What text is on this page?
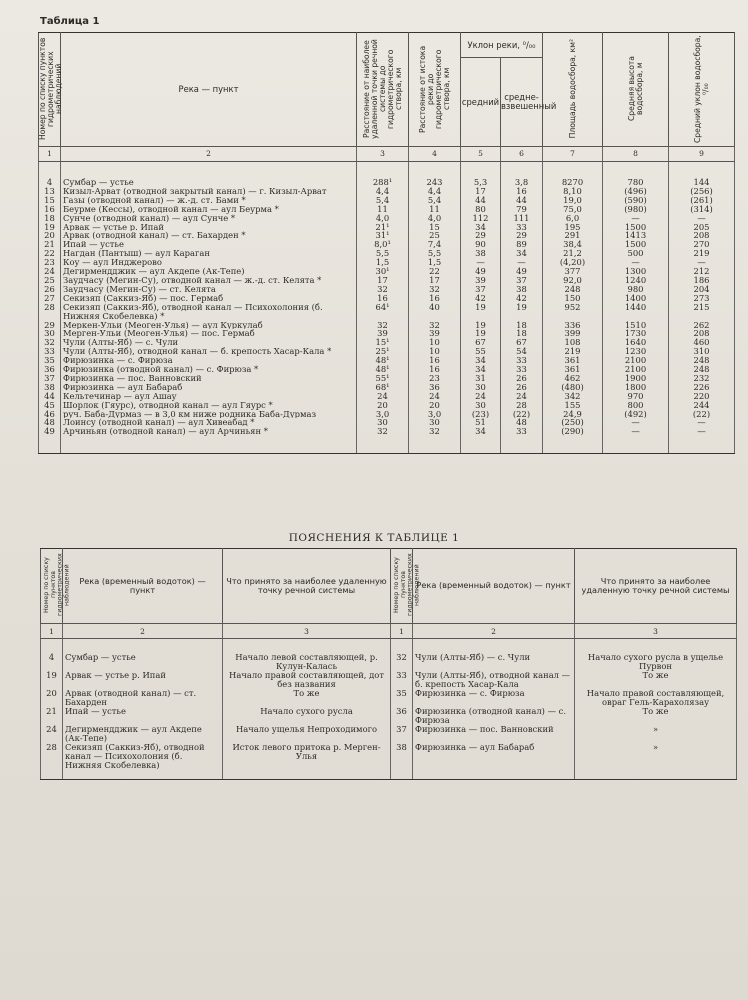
Таблица 1
Номер по списку пунктов гидрометрических наблюдений	Река — пункт	Расстояние от наиболее удаленной точки речной системы до гидрометрического створа, км	Расстояние от истока реки до гидрометрического створа, км	Уклон реки, ⁰/₀₀		Площадь водосбора, км²	Средняя высота водосбора, м	Средний уклон водосбора, ⁰/₀₀
				средний	средне-взвешенный			
1	2	3	4	5	6	7	8	9

4	Сумбар — устье	288¹	243	5,3	3,8	8270	780	144
13	Кизыл-Арват (отводной закрытый канал) — г. Кизыл-Арват	4,4	4,4	17	16	8,10	(496)	(256)
15	Газы (отводной канал) — ж.-д. ст. Бами *	5,4	5,4	44	44	19,0	(590)	(261)
16	Беурме (Кессы), отводной канал — аул Беурма *	11	11	80	79	75,0	(980)	(314)
18	Сунче (отводной канал) — аул Сунче *	4,0	4,0	112	111	6,0	—	—
19	Арвак — устье р. Ипай	21¹	15	34	33	195	1500	205
20	Арвак (отводной канал) — ст. Бахарден *	31¹	25	29	29	291	1413	208
21	Ипай — устье	8,0¹	7,4	90	89	38,4	1500	270
22	Нагдан (Пантыш) — аул Караган	5,5	5,5	38	34	21,2	500	219
23	Коу — аул Инджерово	1,5	1,5	—	—	(4,20)	—	—
24	Дегирмендджик — аул Акдепе (Ак-Тепе)	30¹	22	49	49	377	1300	212
25	Заудчасу (Мегин-Су), отводной канал — ж.-д. ст. Келята *	17	17	39	37	92,0	1240	186
26	Заудчасу (Мегин-Су) — ст. Келята	32	32	37	38	248	980	204
27	Секизяп (Саккиз-Яб) — пос. Гермаб	16	16	42	42	150	1400	273
28	Секизяп (Саккиз-Яб), отводной канал — Психохолония (б. Нижняя Скобелевка) *	64¹	40	19	19	952	1440	215
29	Меркен-Ульи (Меоген-Улья) — аул Куркулаб	32	32	19	18	336	1510	262
30	Мерген-Ульи (Меоген-Улья) — пос. Гермаб	39	39	19	18	399	1730	208
32	Чули (Алты-Яб) — с. Чули	15¹	10	67	67	108	1640	460
33	Чули (Алты-Яб), отводной канал — б. крепость Хасар-Кала *	25¹	10	55	54	219	1230	310
35	Фирюзинка — с. Фирюза	48¹	16	34	33	361	2100	248
36	Фирюзинка (отводной канал) — с. Фирюза *	48¹	16	34	33	361	2100	248
37	Фирюзинка — пос. Ванновский	55¹	23	31	26	462	1900	232
38	Фирюзинка — аул Бабараб	68¹	36	30	26	(480)	1800	226
44	Кельтечинар — аул Ашау	24	24	24	24	342	970	220
45	Шорлок (Гяурс), отводной канал — аул Гяурс *	20	20	30	28	155	800	244
46	руч. Баба-Дурмаз — в 3,0 км ниже родника Баба-Дурмаз	3,0	3,0	(23)	(22)	24,9	(492)	(22)
48	Лоинсу (отводной канал) — аул Хивеабад *	30	30	51	48	(250)	—	—
49	Арчиньян (отводной канал) — аул Арчиньян *	32	32	34	33	(290)	—	—
ПОЯСНЕНИЯ К ТАБЛИЦЕ 1
Номер по списку пунктов гидрометрических наблюдений	Река (временный водоток) — пункт	Что принято за наиболее удаленную точку речной системы	Номер по списку пунктов гидрометрических наблюдений	Река (временный водоток) — пункт	Что принято за наиболее удаленную точку речной системы
1	2	3	1	2	3

4	Сумбар — устье	Начало левой составляющей, р. Кулун-Калась	32	Чули (Алты-Яб) — с. Чули	Начало сухого русла в ущелье Пурвон
19	Арвак — устье р. Ипай	Начало правой составляющей, дот без названия	33	Чули (Алты-Яб), отводной канал — б. крепость Хасар-Кала	То же
20	Арвак (отводной канал) — ст. Бахарден	То же	35	Фирюзинка — с. Фирюза	Начало правой составляющей, овраг Гель-Карахолязау
21	Ипай — устье	Начало сухого русла	36	Фирюзинка (отводной канал) — с. Фирюза	То же
24	Дегирмендджик — аул Акдепе (Ак-Тепе)	Начало ущелья Непроходимого	37	Фирюзинка — пос. Ванновский	»
28	Секизяп (Саккиз-Яб), отводной канал — Психохолония (б. Нижняя Скобелевка)	Исток левого притока р. Мерген-Улья	38	Фирюзинка — аул Бабараб	»
